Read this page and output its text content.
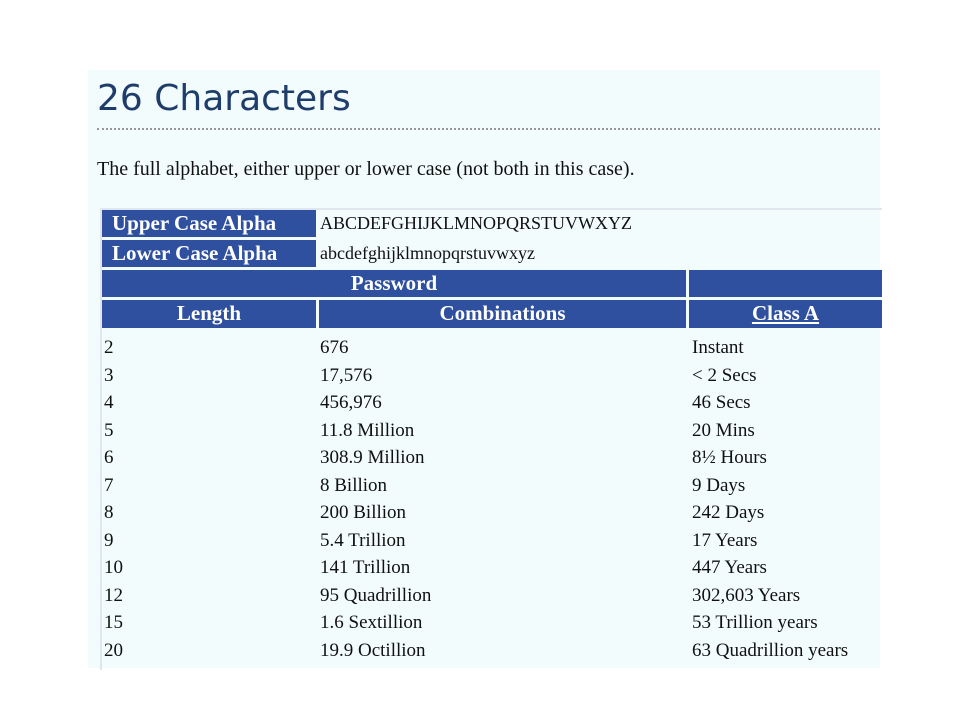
26 Characters

The full alphabet, either upper or lower case (not both in this case).

Upper Case Alpha	ABCDEFGHIJKLMNOPQRSTUVWXYZ
Lower Case Alpha	abcdefghijklmnopqrstuvwxyz
Password
Length	Combinations	Class A
2	676	Instant
3	17,576	< 2 Secs
4	456,976	46 Secs
5	11.8 Million	20 Mins
6	308.9 Million	8½ Hours
7	8 Billion	9 Days
8	200 Billion	242 Days
9	5.4 Trillion	17 Years
10	141 Trillion	447 Years
12	95 Quadrillion	302,603 Years
15	1.6 Sextillion	53 Trillion years
20	19.9 Octillion	63 Quadrillion years
